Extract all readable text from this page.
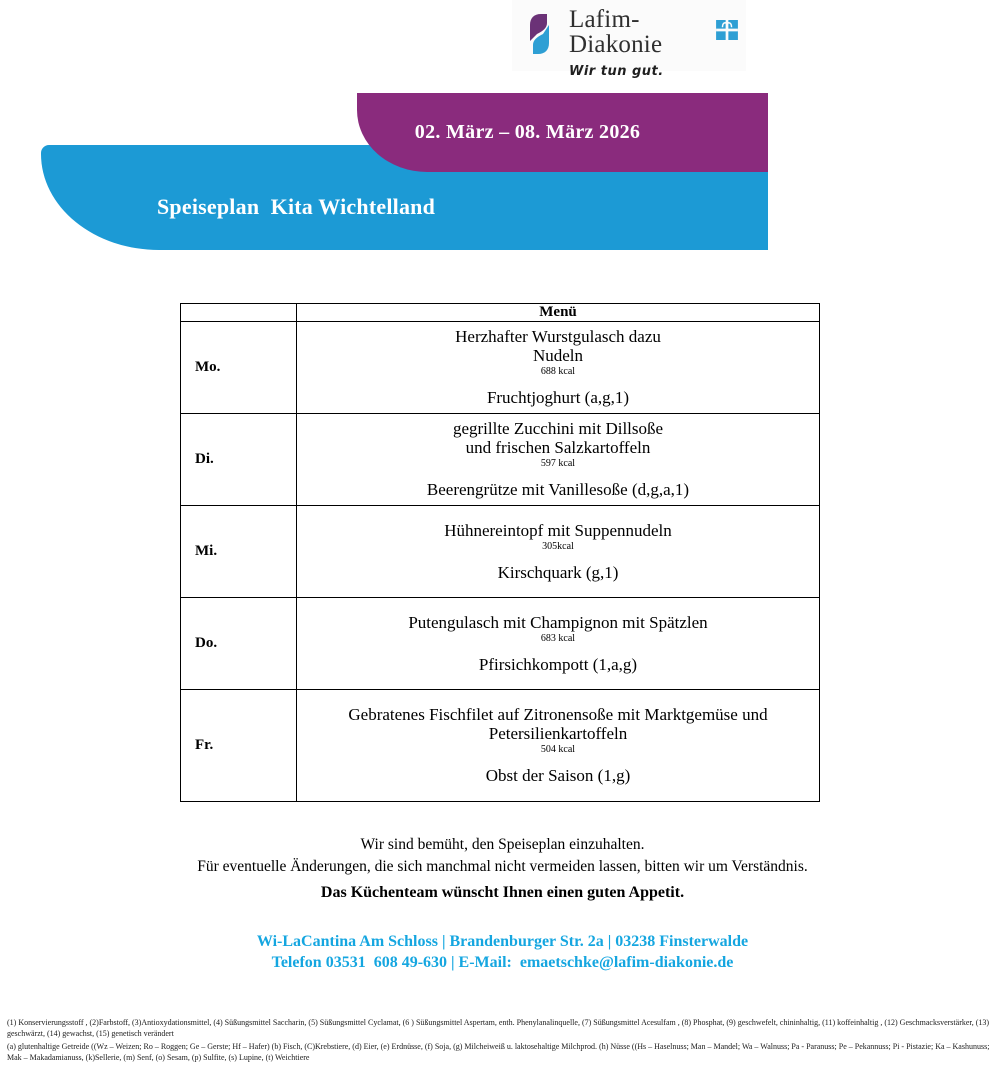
Lafim-Diakonie
Wir tun gut.
Speiseplan  Kita Wichtelland
02. März – 08. März 2026
	Menü
Mo.	Herzhafter Wurstgulasch dazu
Nudeln
688 kcal
Fruchtjoghurt (a,g,1)

Di.	gegrillte Zucchini mit Dillsoße
und frischen Salzkartoffeln
597 kcal
Beerengrütze mit Vanillesoße (d,g,a,1)

Mi.	Hühnereintopf mit Suppennudeln
305kcal
Kirschquark (g,1)

Do.	Putengulasch mit Champignon mit Spätzlen
683 kcal
Pfirsichkompott (1,a,g)

Fr.	Gebratenes Fischfilet auf Zitronensoße mit Marktgemüse und
Petersilienkartoffeln
504 kcal
Obst der Saison (1,g)
Wir sind bemüht, den Speiseplan einzuhalten.
Für eventuelle Änderungen, die sich manchmal nicht vermeiden lassen, bitten wir um Verständnis.
Das Küchenteam wünscht Ihnen einen guten Appetit.
Wi-LaCantina Am Schloss | Brandenburger Str. 2a | 03238 Finsterwalde
Telefon 03531  608 49-630 | E-Mail:  emaetschke@lafim-diakonie.de

(1) Konservierungsstoff , (2)Farbstoff, (3)Antioxydationsmittel, (4) Süßungsmittel Saccharin, (5) Süßungsmittel Cyclamat, (6 ) Süßungsmittel Aspertam, enth. Phenylanalinquelle, (7) Süßungsmittel Acesulfam , (8) Phosphat, (9) geschwefelt, chininhaltig, (11) koffeinhaltig , (12) Geschmacksverstärker, (13) geschwärzt, (14) gewachst, (15) genetisch verändert

(a) glutenhaltige Getreide ((Wz – Weizen; Ro – Roggen; Ge – Gerste; Hf – Hafer) (b) Fisch, (C)Krebstiere, (d) Eier, (e) Erdnüsse, (f) Soja, (g) Milcheiweiß u. laktosehaltige Milchprod. (h) Nüsse ((Hs – Haselnuss; Man – Mandel; Wa – Walnuss; Pa - Paranuss; Pe – Pekannuss; Pi - Pistazie; Ka – Kashunuss; Mak – Makadamianuss, (k)Sellerie, (m) Senf, (o) Sesam, (p) Sulfite, (s) Lupine, (t) Weichtiere
